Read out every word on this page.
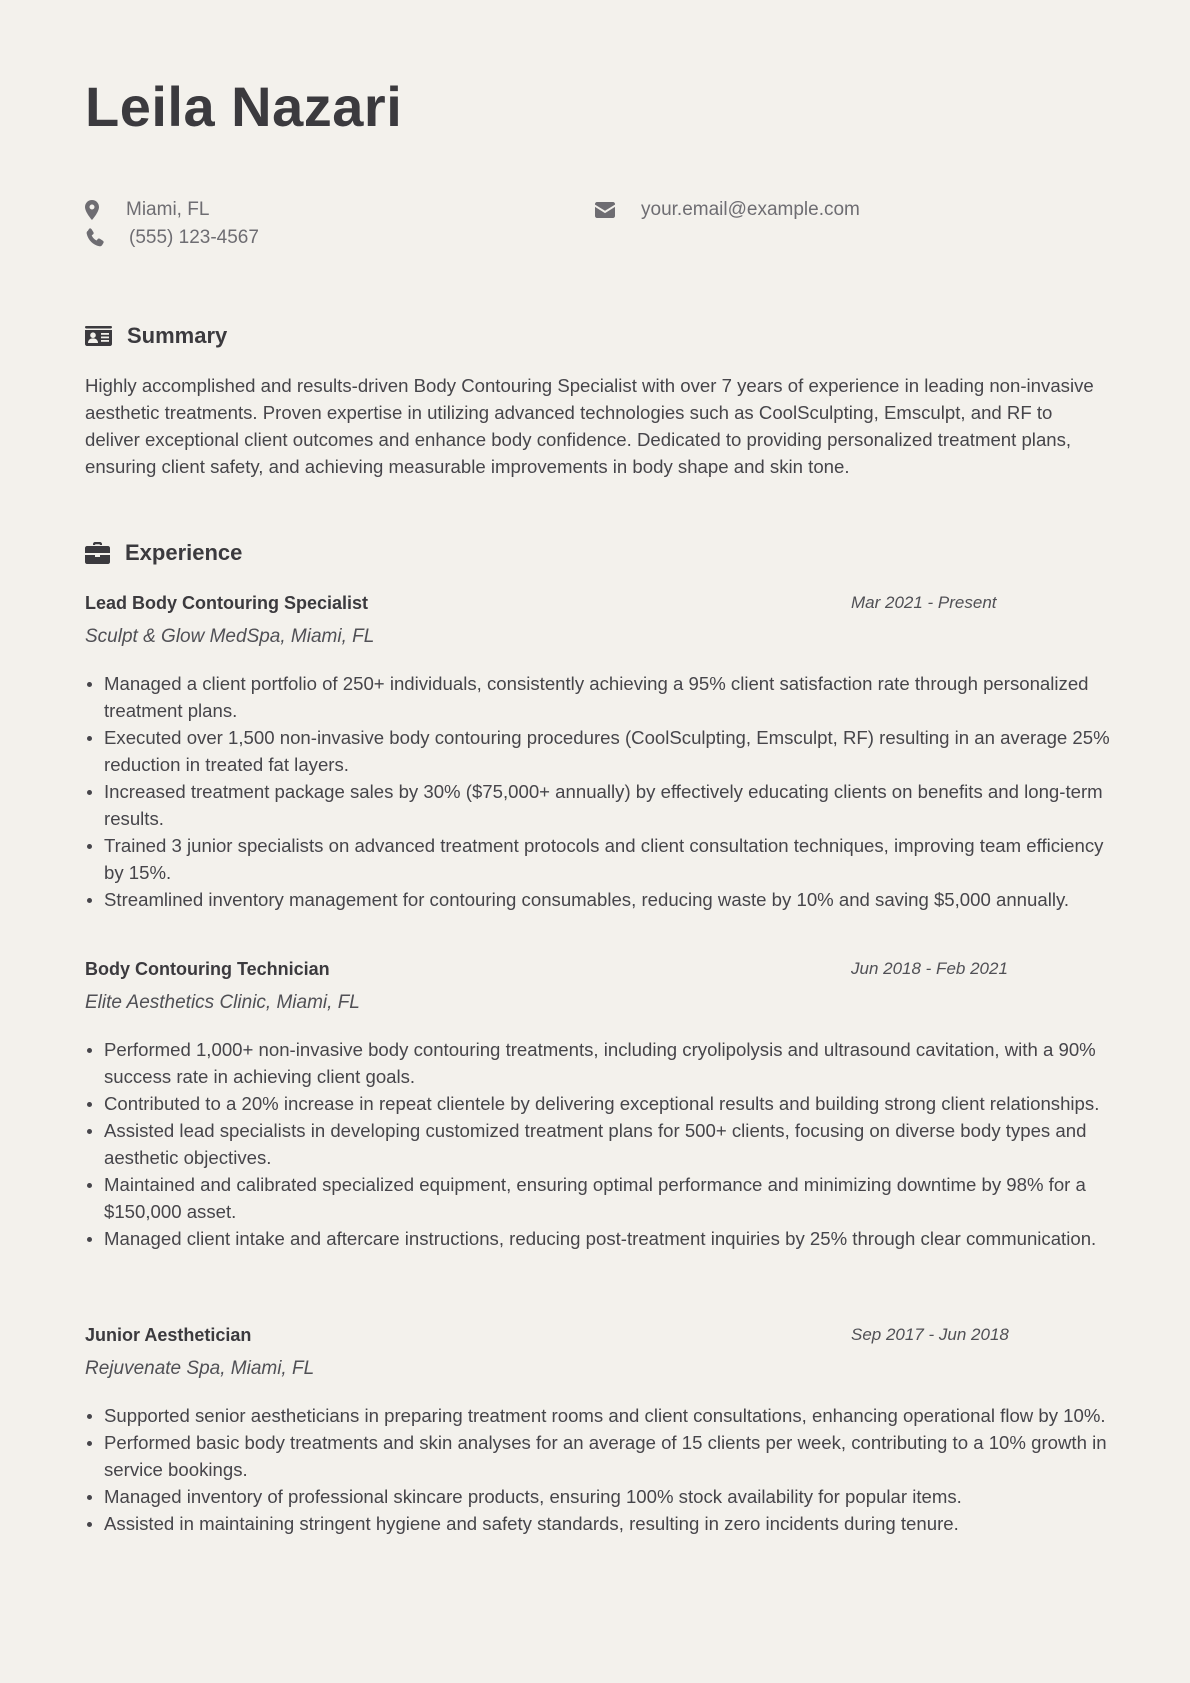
Leila Nazari
Miami, FL
(555) 123-4567
your.email@example.com
Summary

Highly accomplished and results-driven Body Contouring Specialist with over 7 years of experience in leading non-invasive aesthetic treatments. Proven expertise in utilizing advanced technologies such as CoolSculpting, Emsculpt, and RF to deliver exceptional client outcomes and enhance body confidence. Dedicated to providing personalized treatment plans, ensuring client safety, and achieving measurable improvements in body shape and skin tone.

Experience
Lead Body Contouring Specialist	Mar 2021 - Present
Sculpt & Glow MedSpa, Miami, FL
Managed a client portfolio of 250+ individuals, consistently achieving a 95% client satisfaction rate through personalized treatment plans.
Executed over 1,500 non-invasive body contouring procedures (CoolSculpting, Emsculpt, RF) resulting in an average 25% reduction in treated fat layers.
Increased treatment package sales by 30% ($75,000+ annually) by effectively educating clients on benefits and long-term results.
Trained 3 junior specialists on advanced treatment protocols and client consultation techniques, improving team efficiency by 15%.
Streamlined inventory management for contouring consumables, reducing waste by 10% and saving $5,000 annually.
Body Contouring Technician	Jun 2018 - Feb 2021
Elite Aesthetics Clinic, Miami, FL
Performed 1,000+ non-invasive body contouring treatments, including cryolipolysis and ultrasound cavitation, with a 90% success rate in achieving client goals.
Contributed to a 20% increase in repeat clientele by delivering exceptional results and building strong client relationships.
Assisted lead specialists in developing customized treatment plans for 500+ clients, focusing on diverse body types and aesthetic objectives.
Maintained and calibrated specialized equipment, ensuring optimal performance and minimizing downtime by 98% for a $150,000 asset.
Managed client intake and aftercare instructions, reducing post-treatment inquiries by 25% through clear communication.
Junior Aesthetician	Sep 2017 - Jun 2018
Rejuvenate Spa, Miami, FL
Supported senior aestheticians in preparing treatment rooms and client consultations, enhancing operational flow by 10%.
Performed basic body treatments and skin analyses for an average of 15 clients per week, contributing to a 10% growth in service bookings.
Managed inventory of professional skincare products, ensuring 100% stock availability for popular items.
Assisted in maintaining stringent hygiene and safety standards, resulting in zero incidents during tenure.
